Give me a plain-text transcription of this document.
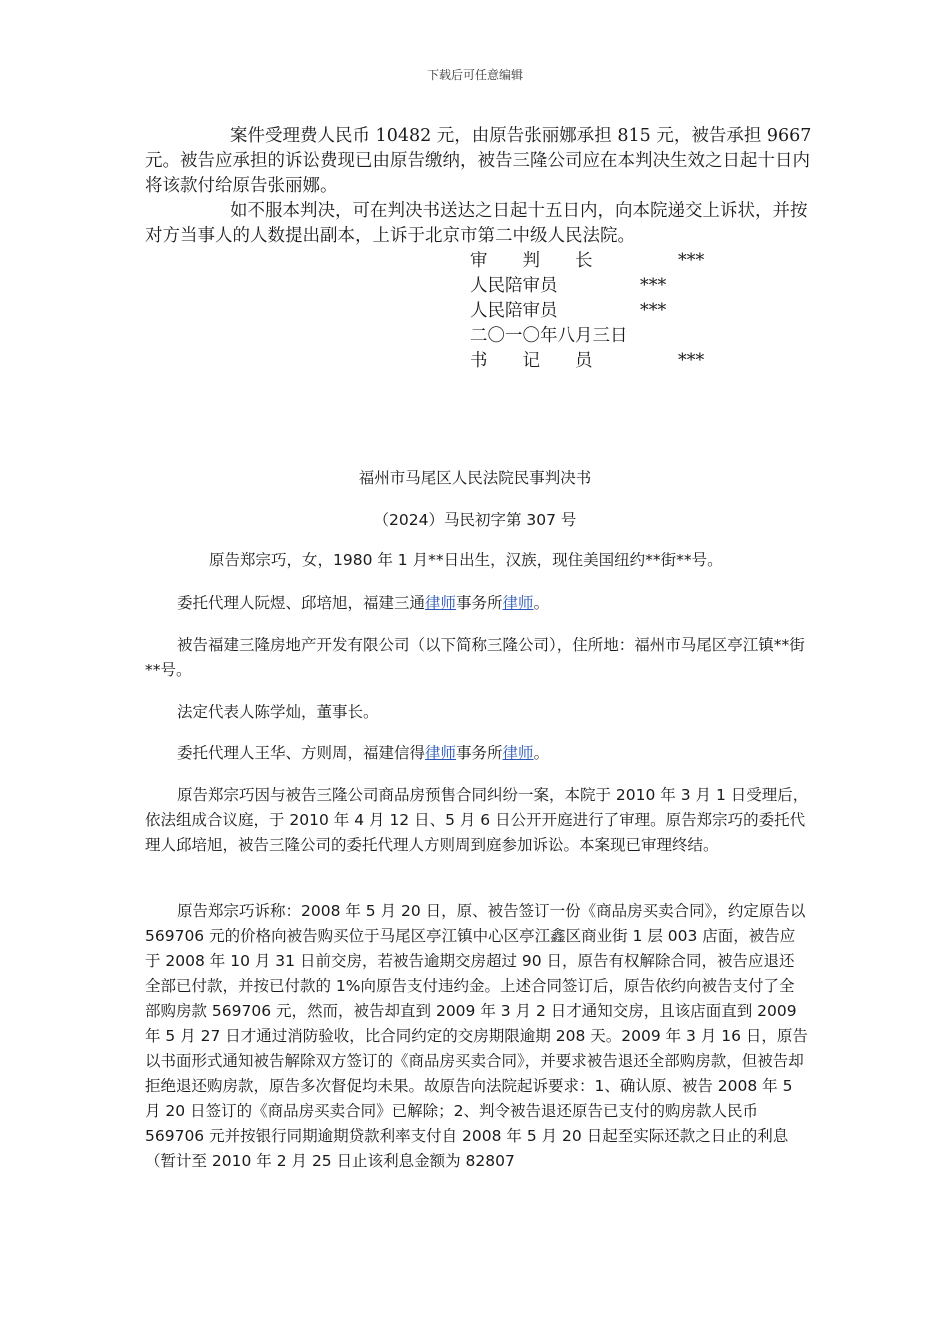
下载后可任意编辑

案件受理费人民币 10482 元，由原告张丽娜承担 815 元，被告承担 9667 元。被告应承担的诉讼费现已由原告缴纳，被告三隆公司应在本判决生效之日起十日内将该款付给原告张丽娜。

如不服本判决，可在判决书送达之日起十五日内，向本院递交上诉状，并按对方当事人的人数提出副本，上诉于北京市第二中级人民法院。

审　　判　　长	***
人民陪审员	***
人民陪审员	***
二〇一〇年八月三日
书　　记　　员	***
福州市马尾区人民法院民事判决书
（2024）马民初字第 307 号

原告郑宗巧，女，1980 年 1 月**日出生，汉族，现住美国纽约**街**号。

委托代理人阮煜、邱培旭，福建三通律师事务所律师。

被告福建三隆房地产开发有限公司（以下简称三隆公司），住所地：福州市马尾区亭江镇**街**号。

法定代表人陈学灿，董事长。

委托代理人王华、方则周，福建信得律师事务所律师。

原告郑宗巧因与被告三隆公司商品房预售合同纠纷一案，本院于 2010 年 3 月 1 日受理后，依法组成合议庭，于 2010 年 4 月 12 日、5 月 6 日公开开庭进行了审理。原告郑宗巧的委托代理人邱培旭，被告三隆公司的委托代理人方则周到庭参加诉讼。本案现已审理终结。

原告郑宗巧诉称：2008 年 5 月 20 日，原、被告签订一份《商品房买卖合同》，约定原告以 569706 元的价格向被告购买位于马尾区亭江镇中心区亭江鑫区商业街 1 层 003 店面，被告应于 2008 年 10 月 31 日前交房，若被告逾期交房超过 90 日，原告有权解除合同，被告应退还全部已付款，并按已付款的 1%向原告支付违约金。上述合同签订后，原告依约向被告支付了全部购房款 569706 元，然而，被告却直到 2009 年 3 月 2 日才通知交房，且该店面直到 2009 年 5 月 27 日才通过消防验收，比合同约定的交房期限逾期 208 天。2009 年 3 月 16 日，原告以书面形式通知被告解除双方签订的《商品房买卖合同》，并要求被告退还全部购房款，但被告却拒绝退还购房款，原告多次督促均未果。故原告向法院起诉要求：1、确认原、被告 2008 年 5 月 20 日签订的《商品房买卖合同》已解除；2、判令被告退还原告已支付的购房款人民币 569706 元并按银行同期逾期贷款利率支付自 2008 年 5 月 20 日起至实际还款之日止的利息（暂计至 2010 年 2 月 25 日止该利息金额为 82807
